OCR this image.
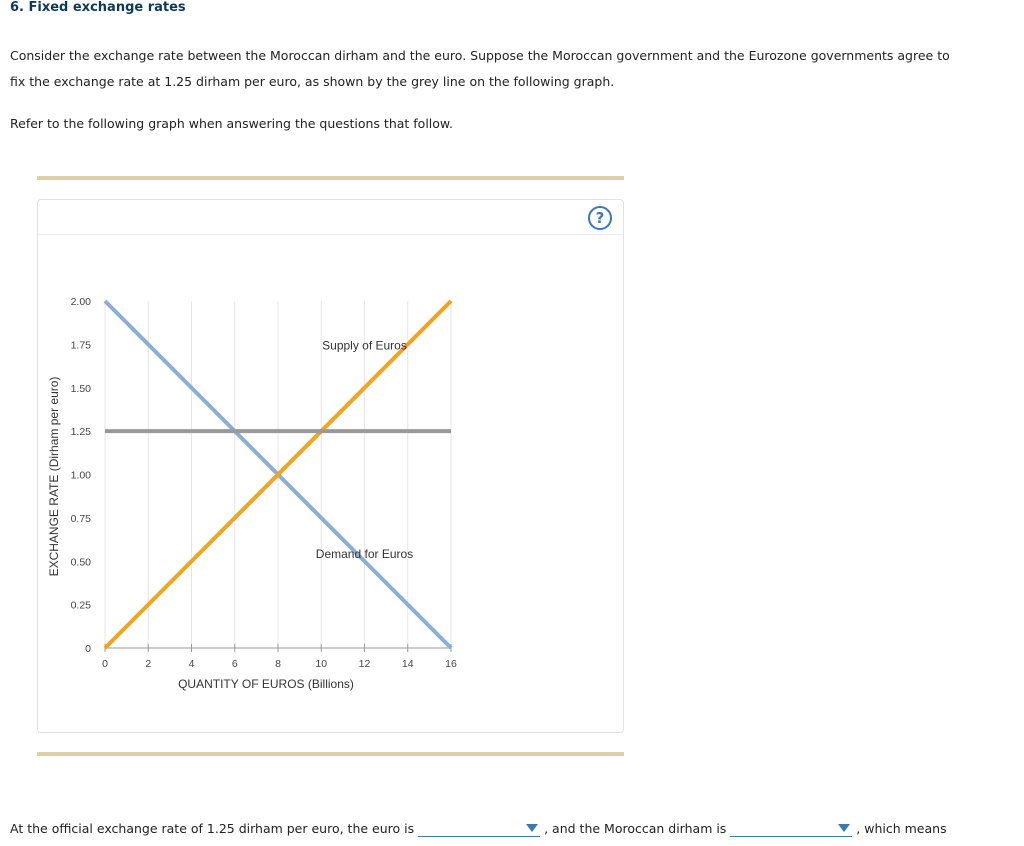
6. Fixed exchange rates
Consider the exchange rate between the Moroccan dirham and the euro. Suppose the Moroccan government and the Eurozone governments agree to
fix the exchange rate at 1.25 dirham per euro, as shown by the grey line on the following graph.
Refer to the following graph when answering the questions that follow.
?
0	2	4	6	8	10	12	14	16
0
0.25
0.50
0.75
1.00
1.25
1.50
1.75
2.00
QUANTITY OF EUROS (Billions)
EXCHANGE RATE (Dirham per euro)
Supply of Euros
Demand for Euros
At the official exchange rate of 1.25 dirham per euro, the euro is	, and the Moroccan dirham is	, which means
